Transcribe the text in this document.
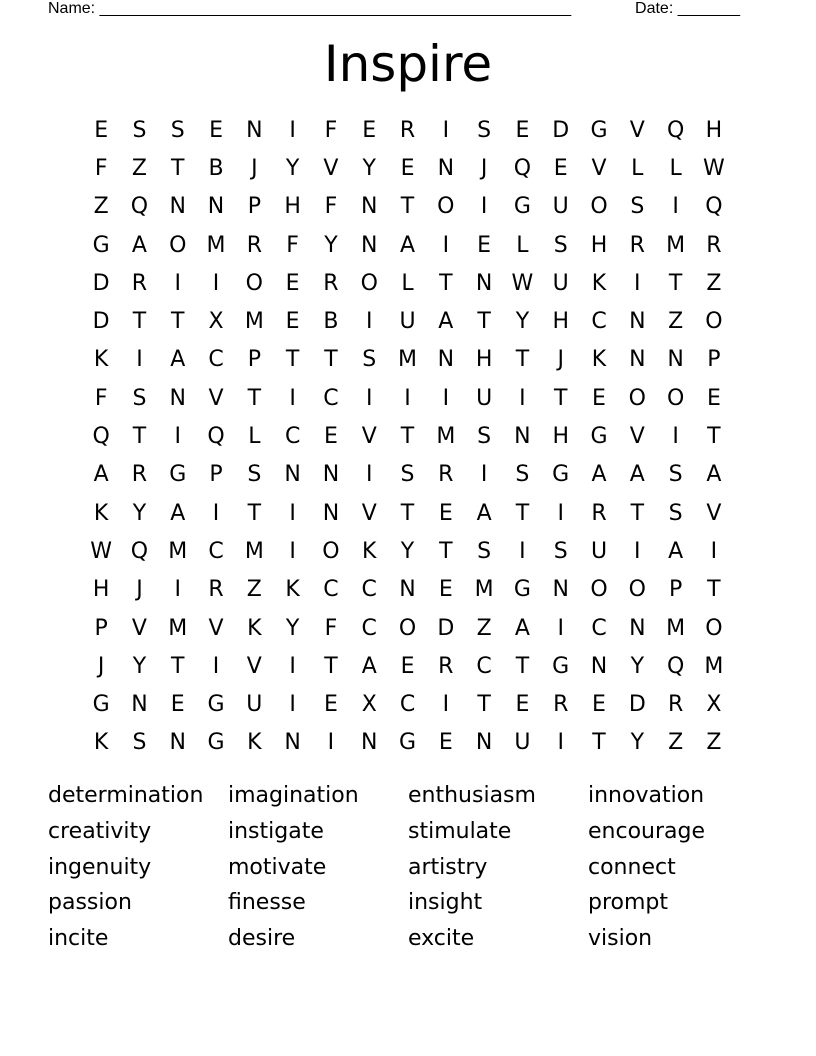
Name: _____________________________________________________	Date: _______
Inspire
E	S	S	E	N	I	F	E	R	I	S	E	D G	V	Q H
F	Z	T	B	J	Y	V	Y	E	N	J	Q	E	V	L	L W
Z	Q N N	P	H	F	N	T	O	I	G U O	S	I	Q
G	A	O M R	F	Y	N	A	I	E	L	S	H	R M R
D	R	I	I	O	E	R O	L	T	N W U	K	I	T	Z
D	T	T	X M E	B	I	U	A	T	Y	H	C	N	Z	O
K	I	A	C	P	T	T	S M N H	T	J	K	N N	P
F	S	N	V	T	I	C	I	I	I	U	I	T	E	O O	E
Q	T	I	Q	L	C	E	V	T	M S	N H G	V	I	T
A	R	G	P	S	N N	I	S	R	I	S	G	A	A	S	A
K	Y	A	I	T	I	N	V	T	E	A	T	I	R	T	S	V
W Q M C M	I	O	K	Y	T	S	I	S	U	I	A	I
H	J	I	R	Z	K	C	C	N	E M G N O O	P	T
P	V M V	K	Y	F	C O D	Z	A	I	C	N M O
J	Y	T	I	V	I	T	A	E	R	C	T	G N	Y	Q M
G N	E	G U	I	E	X	C	I	T	E	R	E	D	R	X
K	S	N G	K	N	I	N G	E	N	U	I	T	Y	Z	Z
determination	imagination	enthusiasm	innovation
creativity	instigate	stimulate	encourage
ingenuity	motivate	artistry	connect
passion	finesse	insight	prompt
incite	desire	excite	vision
